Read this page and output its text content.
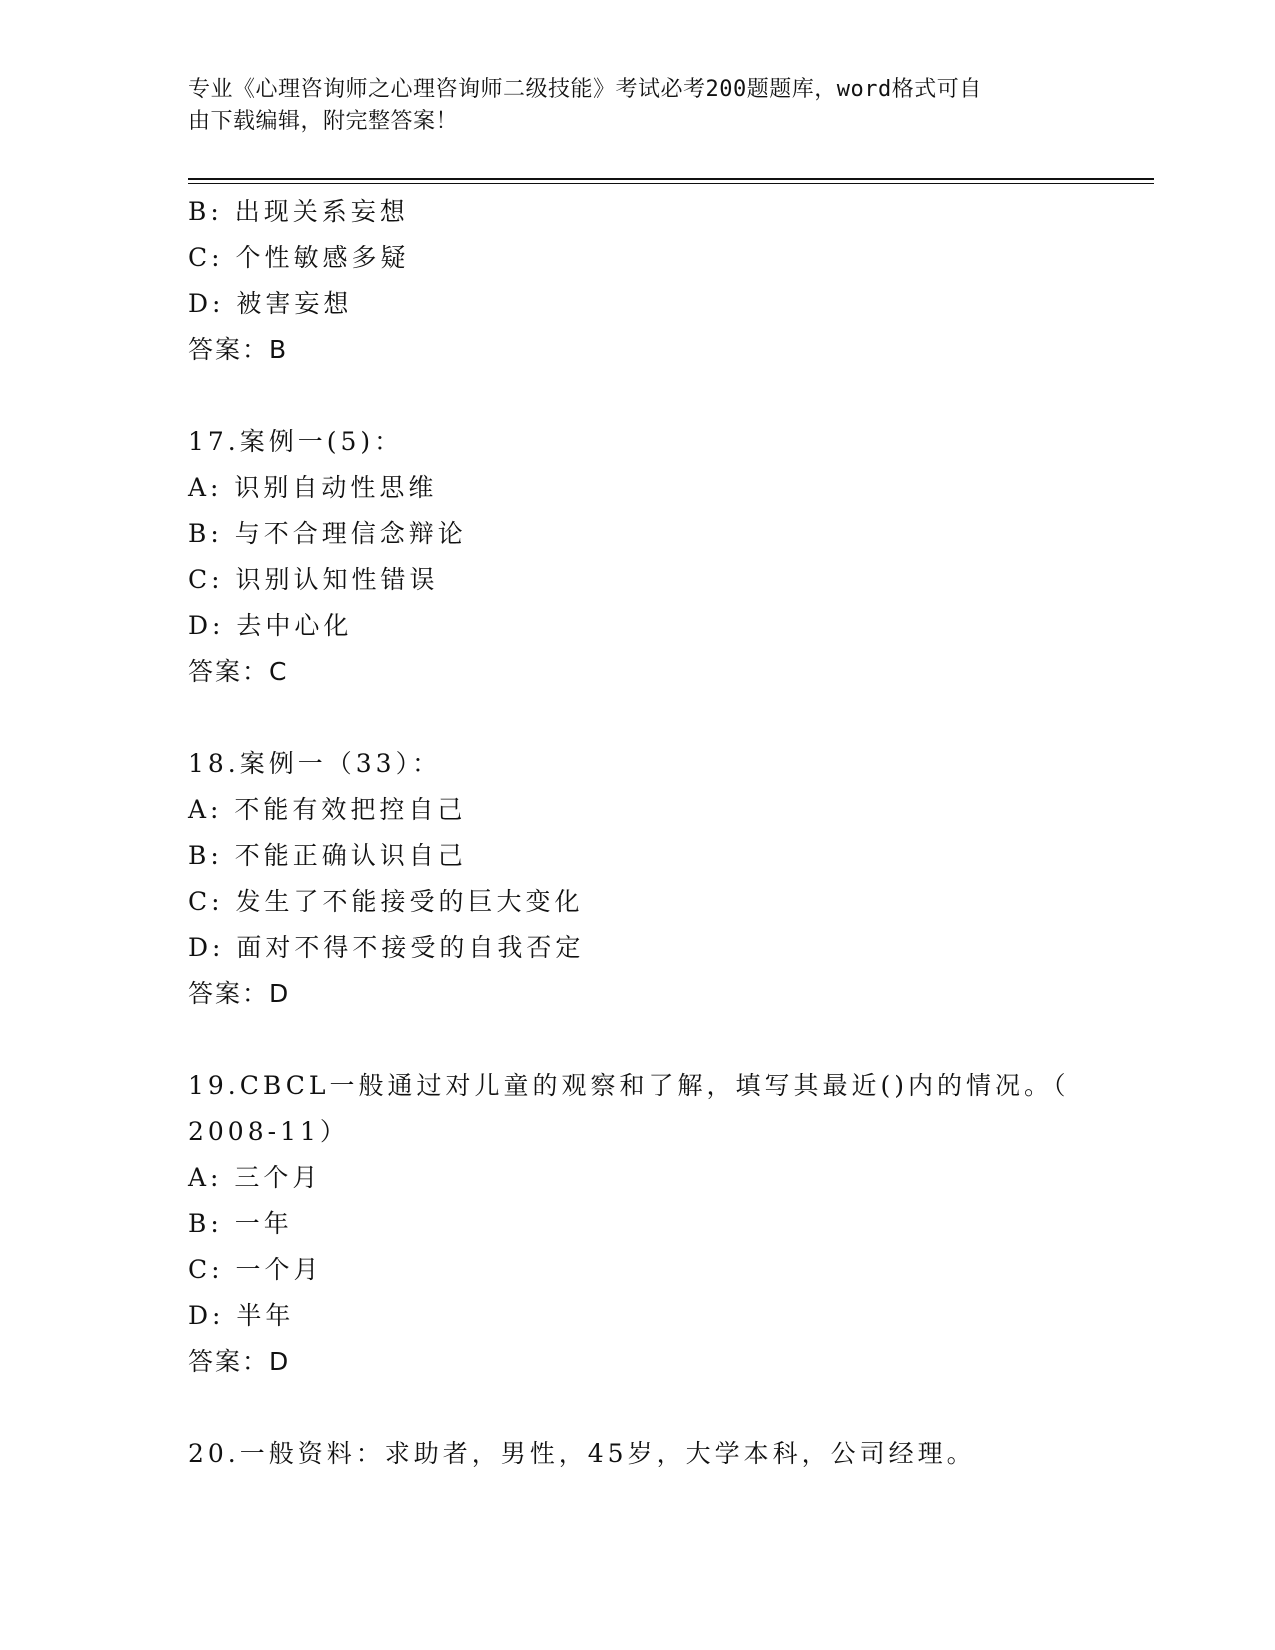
专业《心理咨询师之心理咨询师二级技能》考试必考200题题库，word格式可自
由下载编辑，附完整答案！
B: 出现关系妄想
C: 个性敏感多疑
D: 被害妄想
答案：B
17.案例一(5)：
A: 识别自动性思维
B: 与不合理信念辩论
C: 识别认知性错误
D: 去中心化
答案：C
18.案例一（33）：
A: 不能有效把控自己
B: 不能正确认识自己
C: 发生了不能接受的巨大变化
D: 面对不得不接受的自我否定
答案：D
19.CBCL一般通过对儿童的观察和了解，填写其最近()内的情况。（
2008-11）
A: 三个月
B: 一年
C: 一个月
D: 半年
答案：D
20.一般资料：求助者，男性，45岁，大学本科，公司经理。
